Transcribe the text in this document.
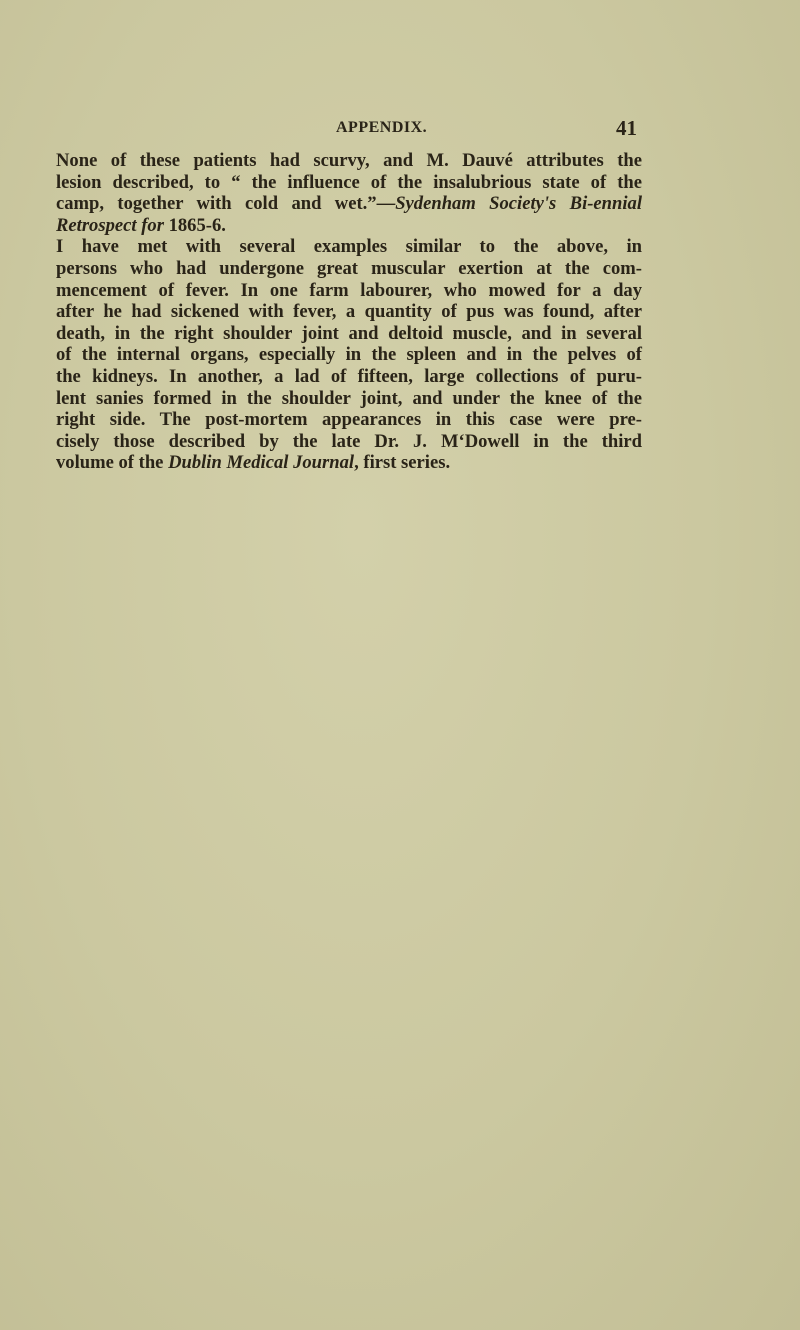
APPENDIX.	41
None of these patients had scurvy, and M. Dauvé attributes the
lesion described, to “ the influence of the insalubrious state of the
camp, together with cold and wet.”—Sydenham Society's Bi-ennial
Retrospect for 1865-6.
I have met with several examples similar to the above, in
persons who had undergone great muscular exertion at the com-
mencement of fever. In one farm labourer, who mowed for a day
after he had sickened with fever, a quantity of pus was found, after
death, in the right shoulder joint and deltoid muscle, and in several
of the internal organs, especially in the spleen and in the pelves of
the kidneys. In another, a lad of fifteen, large collections of puru-
lent sanies formed in the shoulder joint, and under the knee of the
right side. The post-mortem appearances in this case were pre-
cisely those described by the late Dr. J. M‘Dowell in the third
volume of the Dublin Medical Journal, first series.
